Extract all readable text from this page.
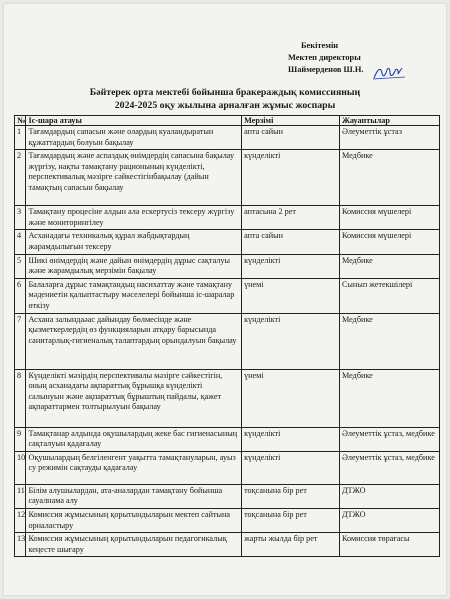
Бекітемін
Мектеп директоры
Шаймерденов Ш.Н.
Бәйтерек орта мектебі бойынша бракераждық комиссияның
2024-2025 оқу жылына арналған жұмыс жоспары
№	Іс-шара атауы	Мерзімі	Жауаптылар
1	Тағамдардың сапасын және олардың куаландыратын құжаттардың болуын бақылау	апта сайын	Әлеуметтік ұстаз
2	Тағамдардың және аспаздық өнімдердің сапасына бақылау жүргізу, нақты тамақтану рационының күнделікті, перспективалық мәзірге сәйкестігінбақылау (дайын тамақтың сапасын бақылау	күнделікті	Медбике
3	Тамақтану процесіне алдын ала ескертусіз тексеру жүргізу және мониторингілеу	аптасына 2 рет	Комиссия мүшелері
4	Асханадағы техникалық құрал жабдықтардың жарамдылығын тексеру	апта сайын	Комиссия мүшелері
5	Шикі өнімдердің және дайын өнімдердің дұрыс сақталуы және жарамдылық мерзімін бақылау	күнделікті	Медбике
6	Балаларға дұрыс тамақтандыц насихаттау және тамақтану мәдениетін қалыптастыру мәселелері бойынша іс-шаралар өткізу	үнемі	Сынып жетекшілері
7	Асхана залындаәас дайындау бөлмесінде және қызметкерлердің өз функцияларын атқару барысында санитарлық-гигиеналық талаптардың орындалуын бақылау	күнделікті	Медбике
8	Күнделікті мәзірдің перспективалы мәзірге сәйкестігін, оның асханадағы ақпараттық бұрышқа күнделікті салынуын және ақпараттық бұрыштың пайдалы, қажет ақпараттармен толтырылуын бақылау	үнемі	Медбике
9	Тамақтанар алдында оқушылардың жеке бас гигиенасының сақталуын қадағалау	күнделікті	Әлеуметтік ұстаз, медбике
10	Оқушылардың белгіленгент уақытта тамақтануларын, ауыз су режимін сақтауды қадағалау	күнделікті	Әлеуметтік ұстаз, медбике
11	Білім алушылардан, ата-аналардан тамақтану бойынша сауалнама алу	тоқсанына бір рет	ДТЖО
12	Комиссия жұмысының қорытындыларын мектеп сайтына орналастыру	тоқсанына бір рет	ДТЖО
13	Комиссия жұмысының қорытындыларын педагогикалық кеңесте шығару	жарты жылда бір рет	Комиссия төрағасы
